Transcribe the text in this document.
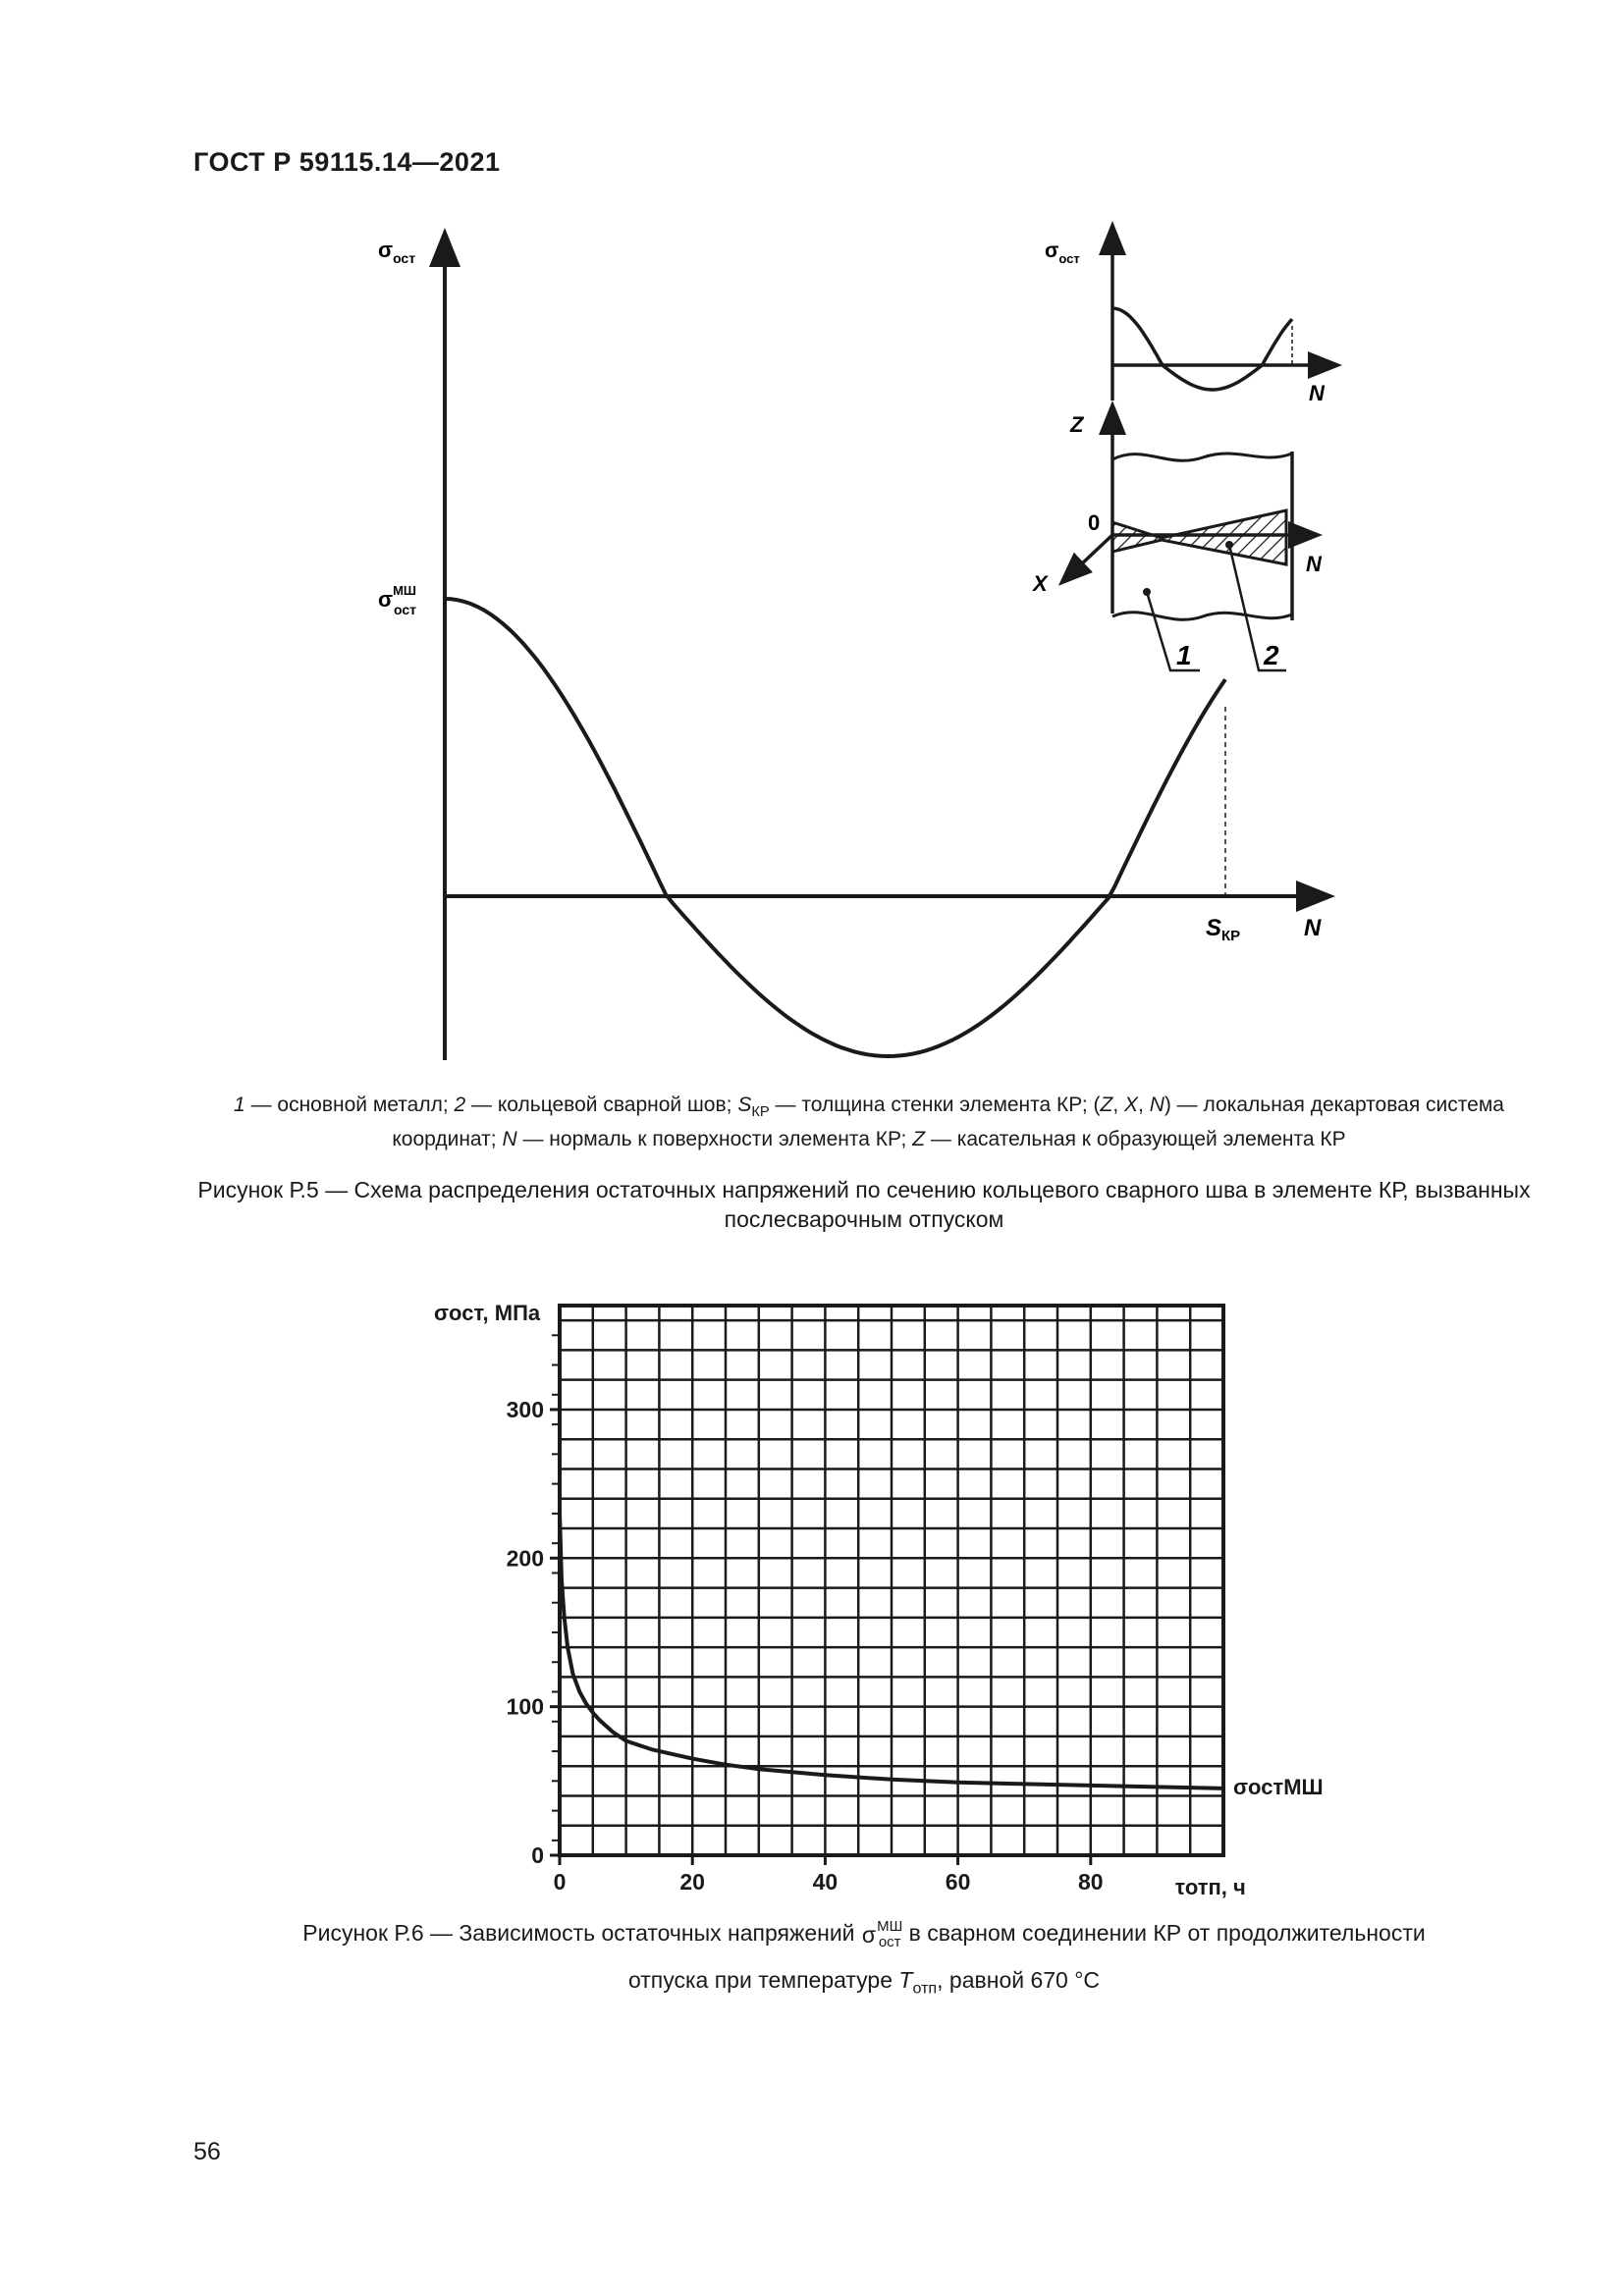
ГОСТ Р 59115.14—2021
$\sigma_{ост}$
$\sigma^{МШ}$ ост
N
$S_{КР}$
$\sigma_{ост}$
N
Z
N
0
X
1	2
0
100
200
300
0	20	40	60	80
σост, МПа
τотп, ч
σостМШ
1 — основной металл; 2 — кольцевой сварной шов; $S_{КР}$ — толщина стенки элемента КР; (Z, X, N) — локальная декартовая система координат; N — нормаль к поверхности элемента КР; Z — касательная к образующей элемента КР
Рисунок Р.5 — Схема распределения остаточных напряжений по сечению кольцевого сварного шва в элементе КР, вызванных послесварочным отпуском
Рисунок Р.6 — Зависимость остаточных напряжений σ МШ
ост в сварном соединении КР от продолжительности
отпуска при температуре $T_{отп}$, равной 670 °C
56
